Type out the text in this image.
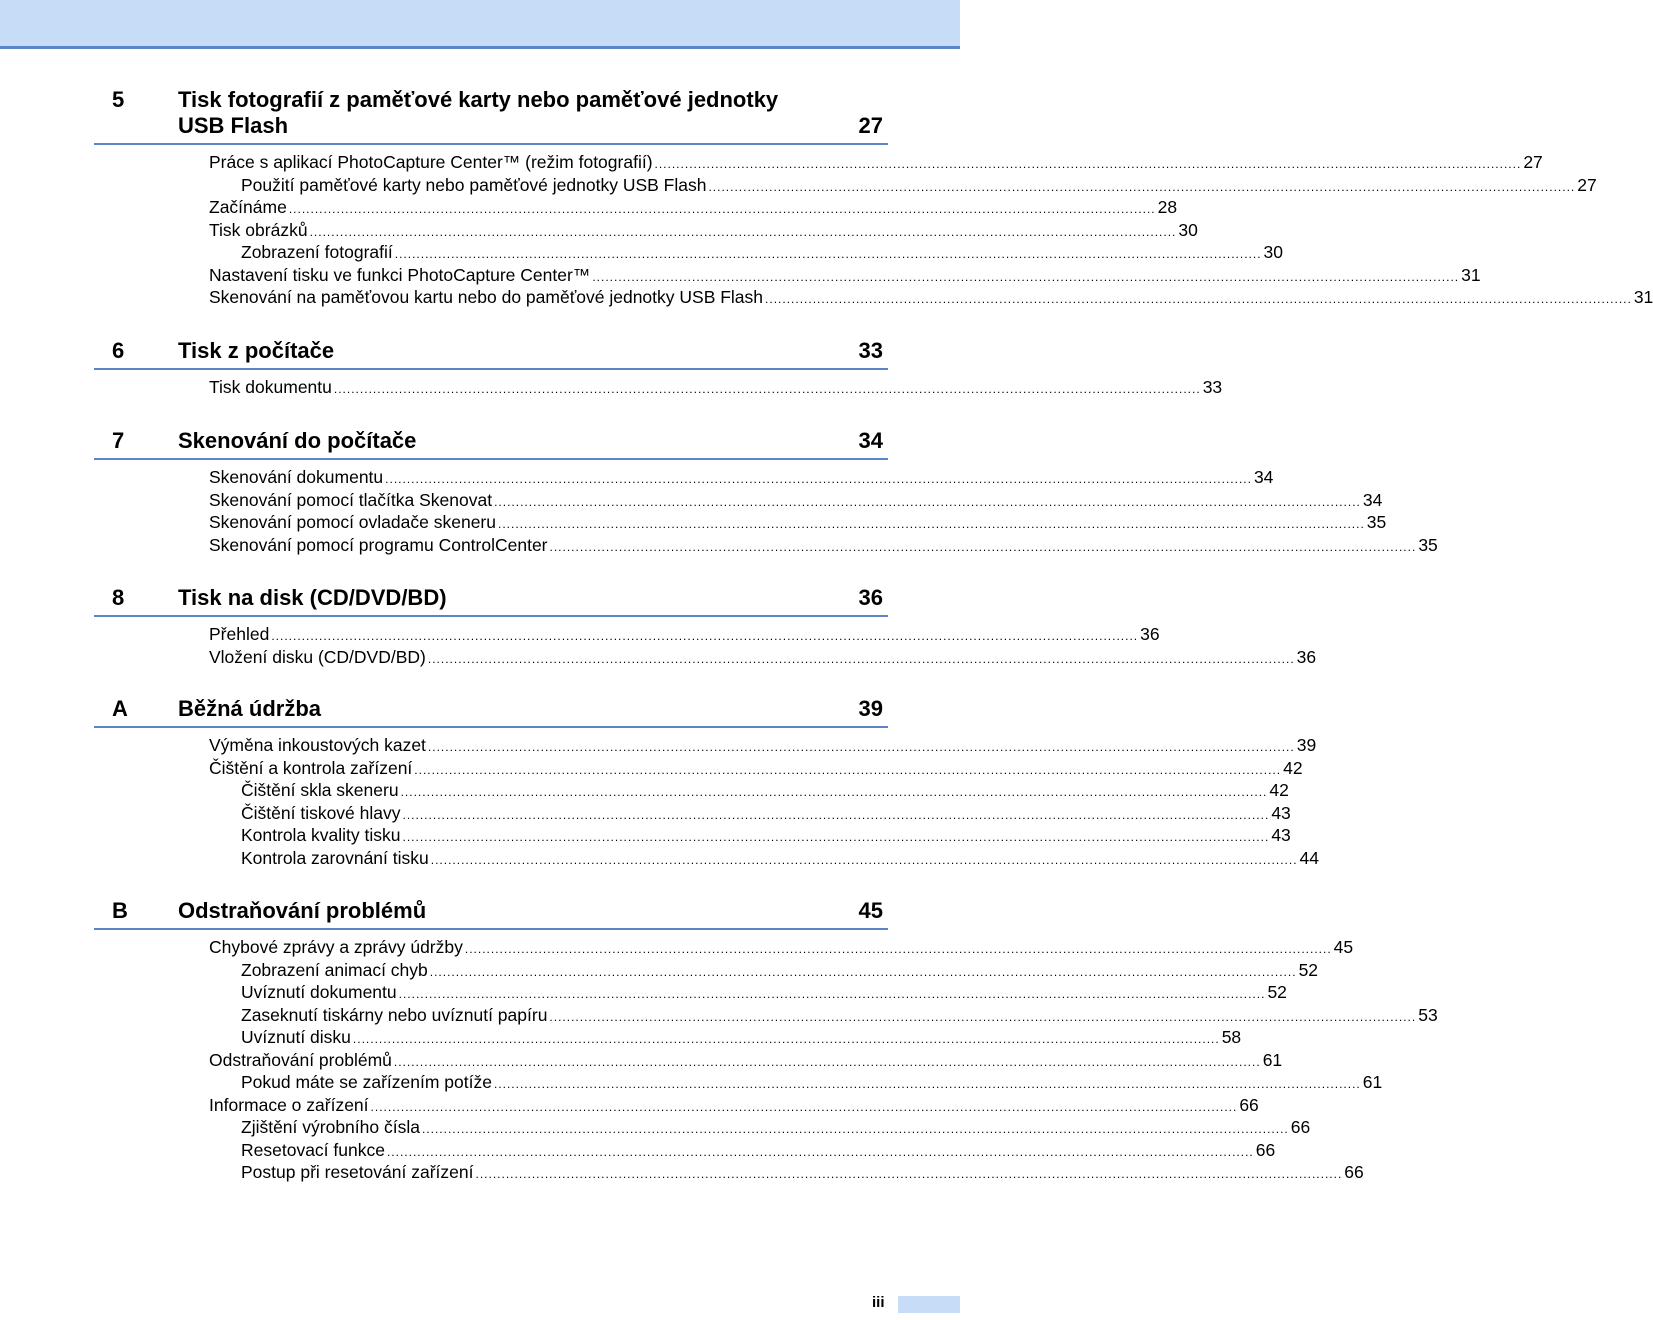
5 Tisk fotografií z paměťové karty nebo paměťové jednotky USB Flash	27
Práce s aplikací PhotoCapture Center™ (režim fotografií) ........................................................................................................................................................................................................ 27
Použití paměťové karty nebo paměťové jednotky USB Flash ........................................................................................................................................................................................................ 27
Začínáme ........................................................................................................................................................................................................ 28
Tisk obrázků ........................................................................................................................................................................................................ 30
Zobrazení fotografií ........................................................................................................................................................................................................ 30
Nastavení tisku ve funkci PhotoCapture Center™ ........................................................................................................................................................................................................ 31
Skenování na paměťovou kartu nebo do paměťové jednotky USB Flash ........................................................................................................................................................................................................ 31
6 Tisk z počítače	33
Tisk dokumentu ........................................................................................................................................................................................................ 33
7 Skenování do počítače	34
Skenování dokumentu ........................................................................................................................................................................................................ 34
Skenování pomocí tlačítka Skenovat ........................................................................................................................................................................................................ 34
Skenování pomocí ovladače skeneru ........................................................................................................................................................................................................ 35
Skenování pomocí programu ControlCenter ........................................................................................................................................................................................................ 35
8 Tisk na disk (CD/DVD/BD)	36
Přehled ........................................................................................................................................................................................................ 36
Vložení disku (CD/DVD/BD) ........................................................................................................................................................................................................ 36
A Běžná údržba	39
Výměna inkoustových kazet ........................................................................................................................................................................................................ 39
Čištění a kontrola zařízení ........................................................................................................................................................................................................ 42
Čištění skla skeneru ........................................................................................................................................................................................................ 42
Čištění tiskové hlavy ........................................................................................................................................................................................................ 43
Kontrola kvality tisku ........................................................................................................................................................................................................ 43
Kontrola zarovnání tisku ........................................................................................................................................................................................................ 44
B Odstraňování problémů	45
Chybové zprávy a zprávy údržby ........................................................................................................................................................................................................ 45
Zobrazení animací chyb ........................................................................................................................................................................................................ 52
Uvíznutí dokumentu ........................................................................................................................................................................................................ 52
Zaseknutí tiskárny nebo uvíznutí papíru ........................................................................................................................................................................................................ 53
Uvíznutí disku ........................................................................................................................................................................................................ 58
Odstraňování problémů ........................................................................................................................................................................................................ 61
Pokud máte se zařízením potíže ........................................................................................................................................................................................................ 61
Informace o zařízení ........................................................................................................................................................................................................ 66
Zjištění výrobního čísla ........................................................................................................................................................................................................ 66
Resetovací funkce ........................................................................................................................................................................................................ 66
Postup při resetování zařízení ........................................................................................................................................................................................................ 66
iii
